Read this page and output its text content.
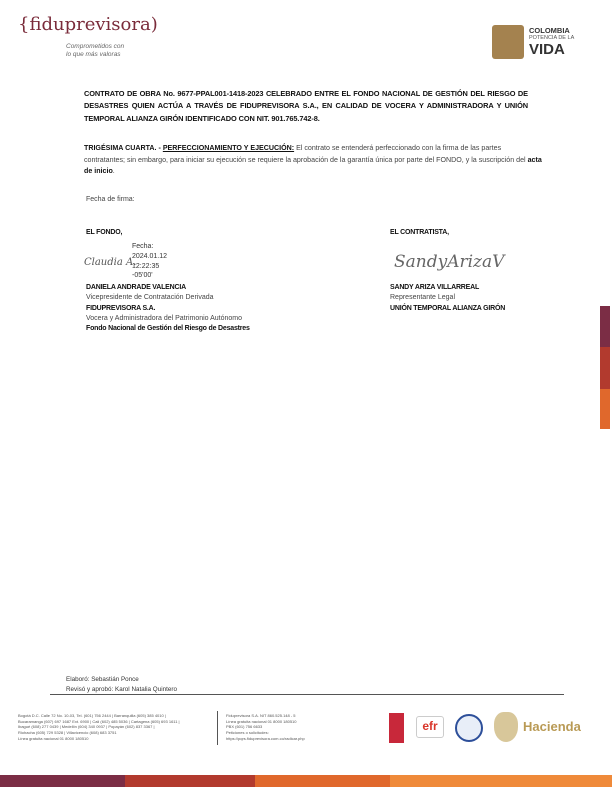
{fiduprevisora)
Comprometidos con
lo que más valoras
COLOMBIA
POTENCIA DE LA
VIDA
CONTRATO DE OBRA No. 9677-PPAL001-1418-2023 CELEBRADO ENTRE EL FONDO NACIONAL DE GESTIÓN DEL RIESGO DE DESASTRES QUIEN ACTÚA A TRAVÉS DE FIDUPREVISORA S.A., EN CALIDAD DE VOCERA Y ADMINISTRADORA Y UNIÓN TEMPORAL ALIANZA GIRÓN IDENTIFICADO CON NIT. 901.765.742-8.
TRIGÉSIMA CUARTA. - PERFECCIONAMIENTO Y EJECUCIÓN: El contrato se entenderá perfeccionado con la firma de las partes contratantes; sin embargo, para iniciar su ejecución se requiere la aprobación de la garantía única por parte del FONDO, y la suscripción del acta de inicio.
Fecha de firma:
EL FONDO,
Claudia A.
Fecha:
2024.01.12
12:22:35
-05'00'
DANIELA ANDRADE VALENCIA
Vicepresidente de Contratación Derivada
FIDUPREVISORA S.A.
Vocera y Administradora del Patrimonio Autónomo
Fondo Nacional de Gestión del Riesgo de Desastres
EL CONTRATISTA,
SandyArizaV
SANDY ARIZA VILLARREAL
Representante Legal
UNIÓN TEMPORAL ALIANZA GIRÓN
Elaboró: Sebastián Ponce
Revisó y aprobó: Karol Natalia Quintero
Bogotá D.C. Calle 72 No. 10-03, Tel. (601) 756 2444 | Barranquilla (605) 385 4010 |
Bucaramanga (607) 697 1687 Ext. 6900 | Cali (602) 485 5036 | Cartagena (605) 693 1611 |
Ibagué (608) 277 0439 | Medellín (604) 340 0937 | Popayán (602) 837 3367 |
Riohacha (605) 729 5328 | Villavicencio (608) 683 3751
Línea gratuita nacional 01 8000 180510
Fiduprevisora S.A. NIT 860.525.148 - 5
Línea gratuita nacional 01 8000 180510
PBX (601) 756 6633
Peticiones o solicitudes:
https://pqrs.fiduprevisora.com.co/radicar.php
efr	Hacienda
